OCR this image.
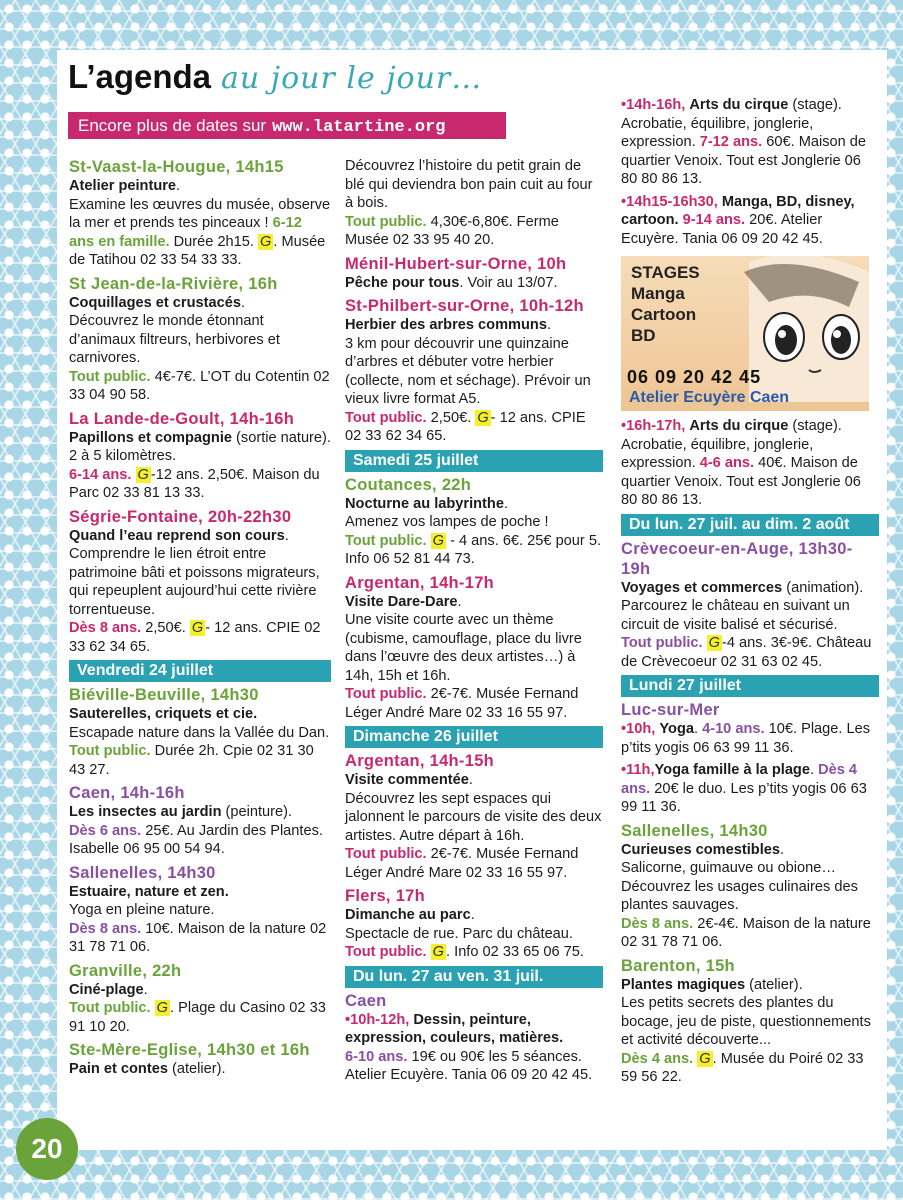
L’agenda au jour le jour…
Encore plus de dates sur www.latartine.org
St-Vaast-la-Hougue, 14h15
Atelier peinture.
Examine les œuvres du musée, observe la mer et prends tes pinceaux ! 6-12 ans en famille. Durée 2h15. G . Musée de Tatihou 02 33 54 33 33.
St Jean-de-la-Rivière, 16h
Coquillages et crustacés.
Découvrez le monde étonnant d’animaux filtreurs, herbivores et carnivores.
Tout public. 4€-7€. L’OT du Cotentin 02 33 04 90 58.
La Lande-de-Goult, 14h-16h
Papillons et compagnie (sortie nature). 2 à 5 kilomètres.
6-14 ans. G -12 ans. 2,50€. Maison du Parc 02 33 81 13 33.
Ségrie-Fontaine, 20h-22h30
Quand l’eau reprend son cours.
Comprendre le lien étroit entre patrimoine bâti et poissons migrateurs, qui repeuplent aujourd’hui cette rivière torrentueuse.
Dès 8 ans. 2,50€. G - 12 ans. CPIE 02 33 62 34 65.
Vendredi 24 juillet
Biéville-Beuville, 14h30
Sauterelles, criquets et cie.
Escapade nature dans la Vallée du Dan.
Tout public. Durée 2h. Cpie 02 31 30 43 27.
Caen, 14h-16h
Les insectes au jardin (peinture).
Dès 6 ans. 25€. Au Jardin des Plantes. Isabelle 06 95 00 54 94.
Sallenelles, 14h30
Estuaire, nature et zen.
Yoga en pleine nature.
Dès 8 ans. 10€. Maison de la nature 02 31 78 71 06.
Granville, 22h
Ciné-plage.
Tout public. G . Plage du Casino 02 33 91 10 20.
Ste-Mère-Eglise, 14h30 et 16h
Pain et contes (atelier).
Découvrez l’histoire du petit grain de blé qui deviendra bon pain cuit au four à bois.
Tout public. 4,30€-6,80€. Ferme Musée 02 33 95 40 20.
Ménil-Hubert-sur-Orne, 10h
Pêche pour tous. Voir au 13/07.
St-Philbert-sur-Orne, 10h-12h
Herbier des arbres communs.
3 km pour découvrir une quinzaine d’arbres et débuter votre herbier (collecte, nom et séchage). Prévoir un vieux livre format A5.
Tout public. 2,50€. G - 12 ans. CPIE 02 33 62 34 65.
Samedi 25 juillet
Coutances, 22h
Nocturne au labyrinthe.
Amenez vos lampes de poche !
Tout public. G - 4 ans. 6€. 25€ pour 5. Info 06 52 81 44 73.
Argentan, 14h-17h
Visite Dare-Dare.
Une visite courte avec un thème (cubisme, camouflage, place du livre dans l’œuvre des deux artistes…) à 14h, 15h et 16h.
Tout public. 2€-7€. Musée Fernand Léger André Mare 02 33 16 55 97.
Dimanche 26 juillet
Argentan, 14h-15h
Visite commentée.
Découvrez les sept espaces qui jalonnent le parcours de visite des deux artistes. Autre départ à 16h.
Tout public. 2€-7€. Musée Fernand Léger André Mare 02 33 16 55 97.
Flers, 17h
Dimanche au parc.
Spectacle de rue. Parc du château.
Tout public. G . Info 02 33 65 06 75.
Du lun. 27 au ven. 31 juil.
Caen
•10h-12h, Dessin, peinture, expression, couleurs, matières.
6-10 ans. 19€ ou 90€ les 5 séances. Atelier Ecuyère. Tania 06 09 20 42 45.
•14h-16h, Arts du cirque (stage).
Acrobatie, équilibre, jonglerie, expression. 7-12 ans. 60€. Maison de quartier Venoix. Tout est Jonglerie 06 80 80 86 13.
•14h15-16h30, Manga, BD, disney, cartoon. 9-14 ans. 20€. Atelier Ecuyère. Tania 06 09 20 42 45.
STAGES
Manga
Cartoon
BD
06 09 20 42 45
Atelier Ecuyère Caen
•16h-17h, Arts du cirque (stage).
Acrobatie, équilibre, jonglerie, expression. 4-6 ans. 40€. Maison de quartier Venoix. Tout est Jonglerie 06 80 80 86 13.
Du lun. 27 juil. au dim. 2 août
Crèvecoeur-en-Auge, 13h30-19h
Voyages et commerces (animation).
Parcourez le château en suivant un circuit de visite balisé et sécurisé.
Tout public. G -4 ans. 3€-9€. Château de Crèvecoeur 02 31 63 02 45.
Lundi 27 juillet
Luc-sur-Mer
•10h, Yoga. 4-10 ans. 10€. Plage. Les p’tits yogis 06 63 99 11 36.
•11h,Yoga famille à la plage. Dès 4 ans. 20€ le duo. Les p’tits yogis 06 63 99 11 36.
Sallenelles, 14h30
Curieuses comestibles.
Salicorne, guimauve ou obione… Découvrez les usages culinaires des plantes sauvages.
Dès 8 ans. 2€-4€. Maison de la nature 02 31 78 71 06.
Barenton, 15h
Plantes magiques (atelier).
Les petits secrets des plantes du bocage, jeu de piste, questionnements et activité découverte...
Dès 4 ans. G . Musée du Poiré 02 33 59 56 22.
20
